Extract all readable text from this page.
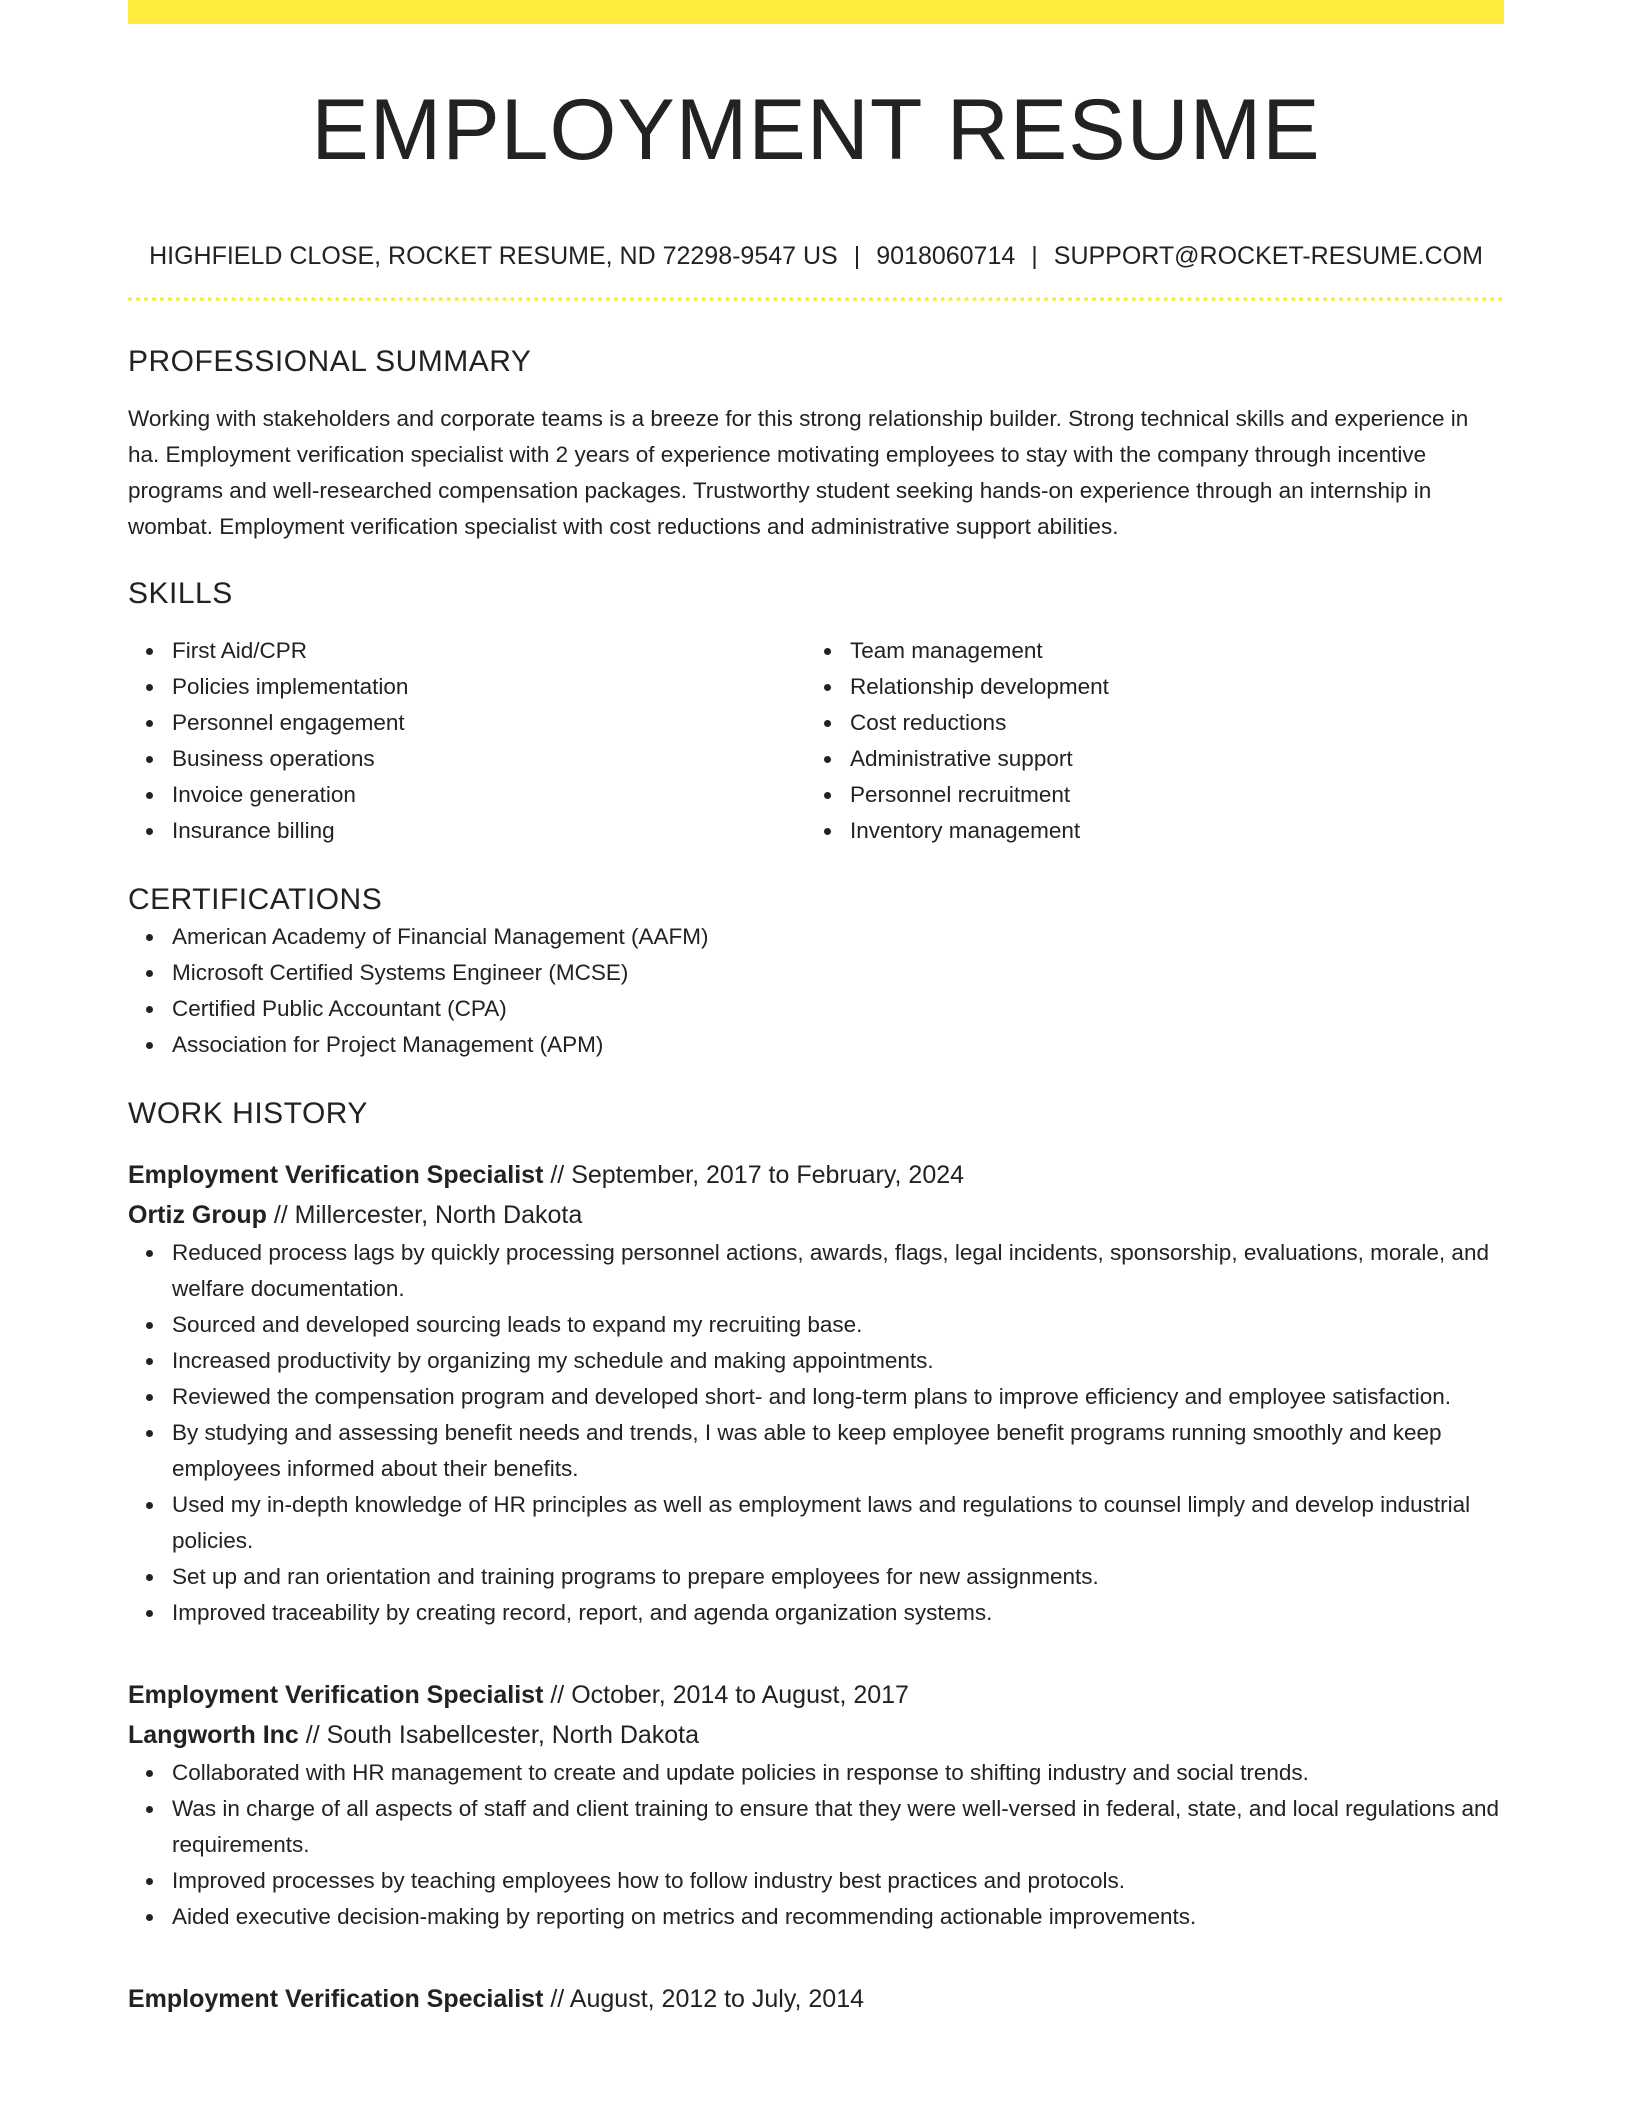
EMPLOYMENT RESUME
HIGHFIELD CLOSE, ROCKET RESUME, ND 72298-9547 US | 9018060714 | SUPPORT@ROCKET-RESUME.COM
PROFESSIONAL SUMMARY
Working with stakeholders and corporate teams is a breeze for this strong relationship builder. Strong technical skills and experience in ha. Employment verification specialist with 2 years of experience motivating employees to stay with the company through incentive programs and well-researched compensation packages. Trustworthy student seeking hands-on experience through an internship in wombat. Employment verification specialist with cost reductions and administrative support abilities.
SKILLS
First Aid/CPR
Policies implementation
Personnel engagement
Business operations
Invoice generation
Insurance billing
Team management
Relationship development
Cost reductions
Administrative support
Personnel recruitment
Inventory management
CERTIFICATIONS
American Academy of Financial Management (AAFM)
Microsoft Certified Systems Engineer (MCSE)
Certified Public Accountant (CPA)
Association for Project Management (APM)
WORK HISTORY
Employment Verification Specialist // September, 2017 to February, 2024
Ortiz Group // Millercester, North Dakota
Reduced process lags by quickly processing personnel actions, awards, flags, legal incidents, sponsorship, evaluations, morale, and welfare documentation.
Sourced and developed sourcing leads to expand my recruiting base.
Increased productivity by organizing my schedule and making appointments.
Reviewed the compensation program and developed short- and long-term plans to improve efficiency and employee satisfaction.
By studying and assessing benefit needs and trends, I was able to keep employee benefit programs running smoothly and keep employees informed about their benefits.
Used my in-depth knowledge of HR principles as well as employment laws and regulations to counsel limply and develop industrial policies.
Set up and ran orientation and training programs to prepare employees for new assignments.
Improved traceability by creating record, report, and agenda organization systems.
Employment Verification Specialist // October, 2014 to August, 2017
Langworth Inc // South Isabellcester, North Dakota
Collaborated with HR management to create and update policies in response to shifting industry and social trends.
Was in charge of all aspects of staff and client training to ensure that they were well-versed in federal, state, and local regulations and requirements.
Improved processes by teaching employees how to follow industry best practices and protocols.
Aided executive decision-making by reporting on metrics and recommending actionable improvements.
Employment Verification Specialist // August, 2012 to July, 2014
